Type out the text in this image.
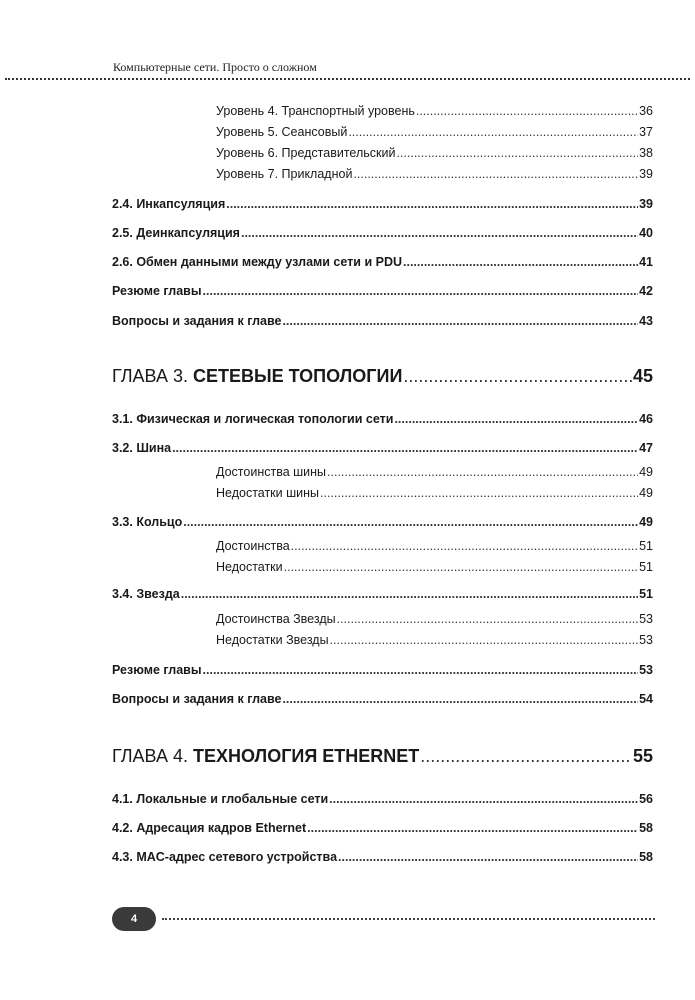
Компьютерные сети. Просто о сложном
Уровень 4. Транспортный уровень .....	36
Уровень 5. Сеансовый .....	37
Уровень 6. Представительский .....	38
Уровень 7. Прикладной .....	39
2.4. Инкапсуляция .....	39
2.5. Деинкапсуляция .....	40
2.6. Обмен данными между узлами сети и PDU .....	41
Резюме главы .....	42
Вопросы и задания к главе .....	43
ГЛАВА 3. СЕТЕВЫЕ ТОПОЛОГИИ .....	45
3.1. Физическая и логическая топологии сети .....	46
3.2. Шина .....	47
Достоинства шины .....	49
Недостатки шины .....	49
3.3. Кольцо .....	49
Достоинства .....	51
Недостатки .....	51
3.4. Звезда .....	51
Достоинства Звезды .....	53
Недостатки Звезды .....	53
Резюме главы .....	53
Вопросы и задания к главе .....	54
ГЛАВА 4. ТЕХНОЛОГИЯ ETHERNET .....	55
4.1. Локальные и глобальные сети .....	56
4.2. Адресация кадров Ethernet .....	58
4.3. MAC-адрес сетевого устройства .....	58
4
